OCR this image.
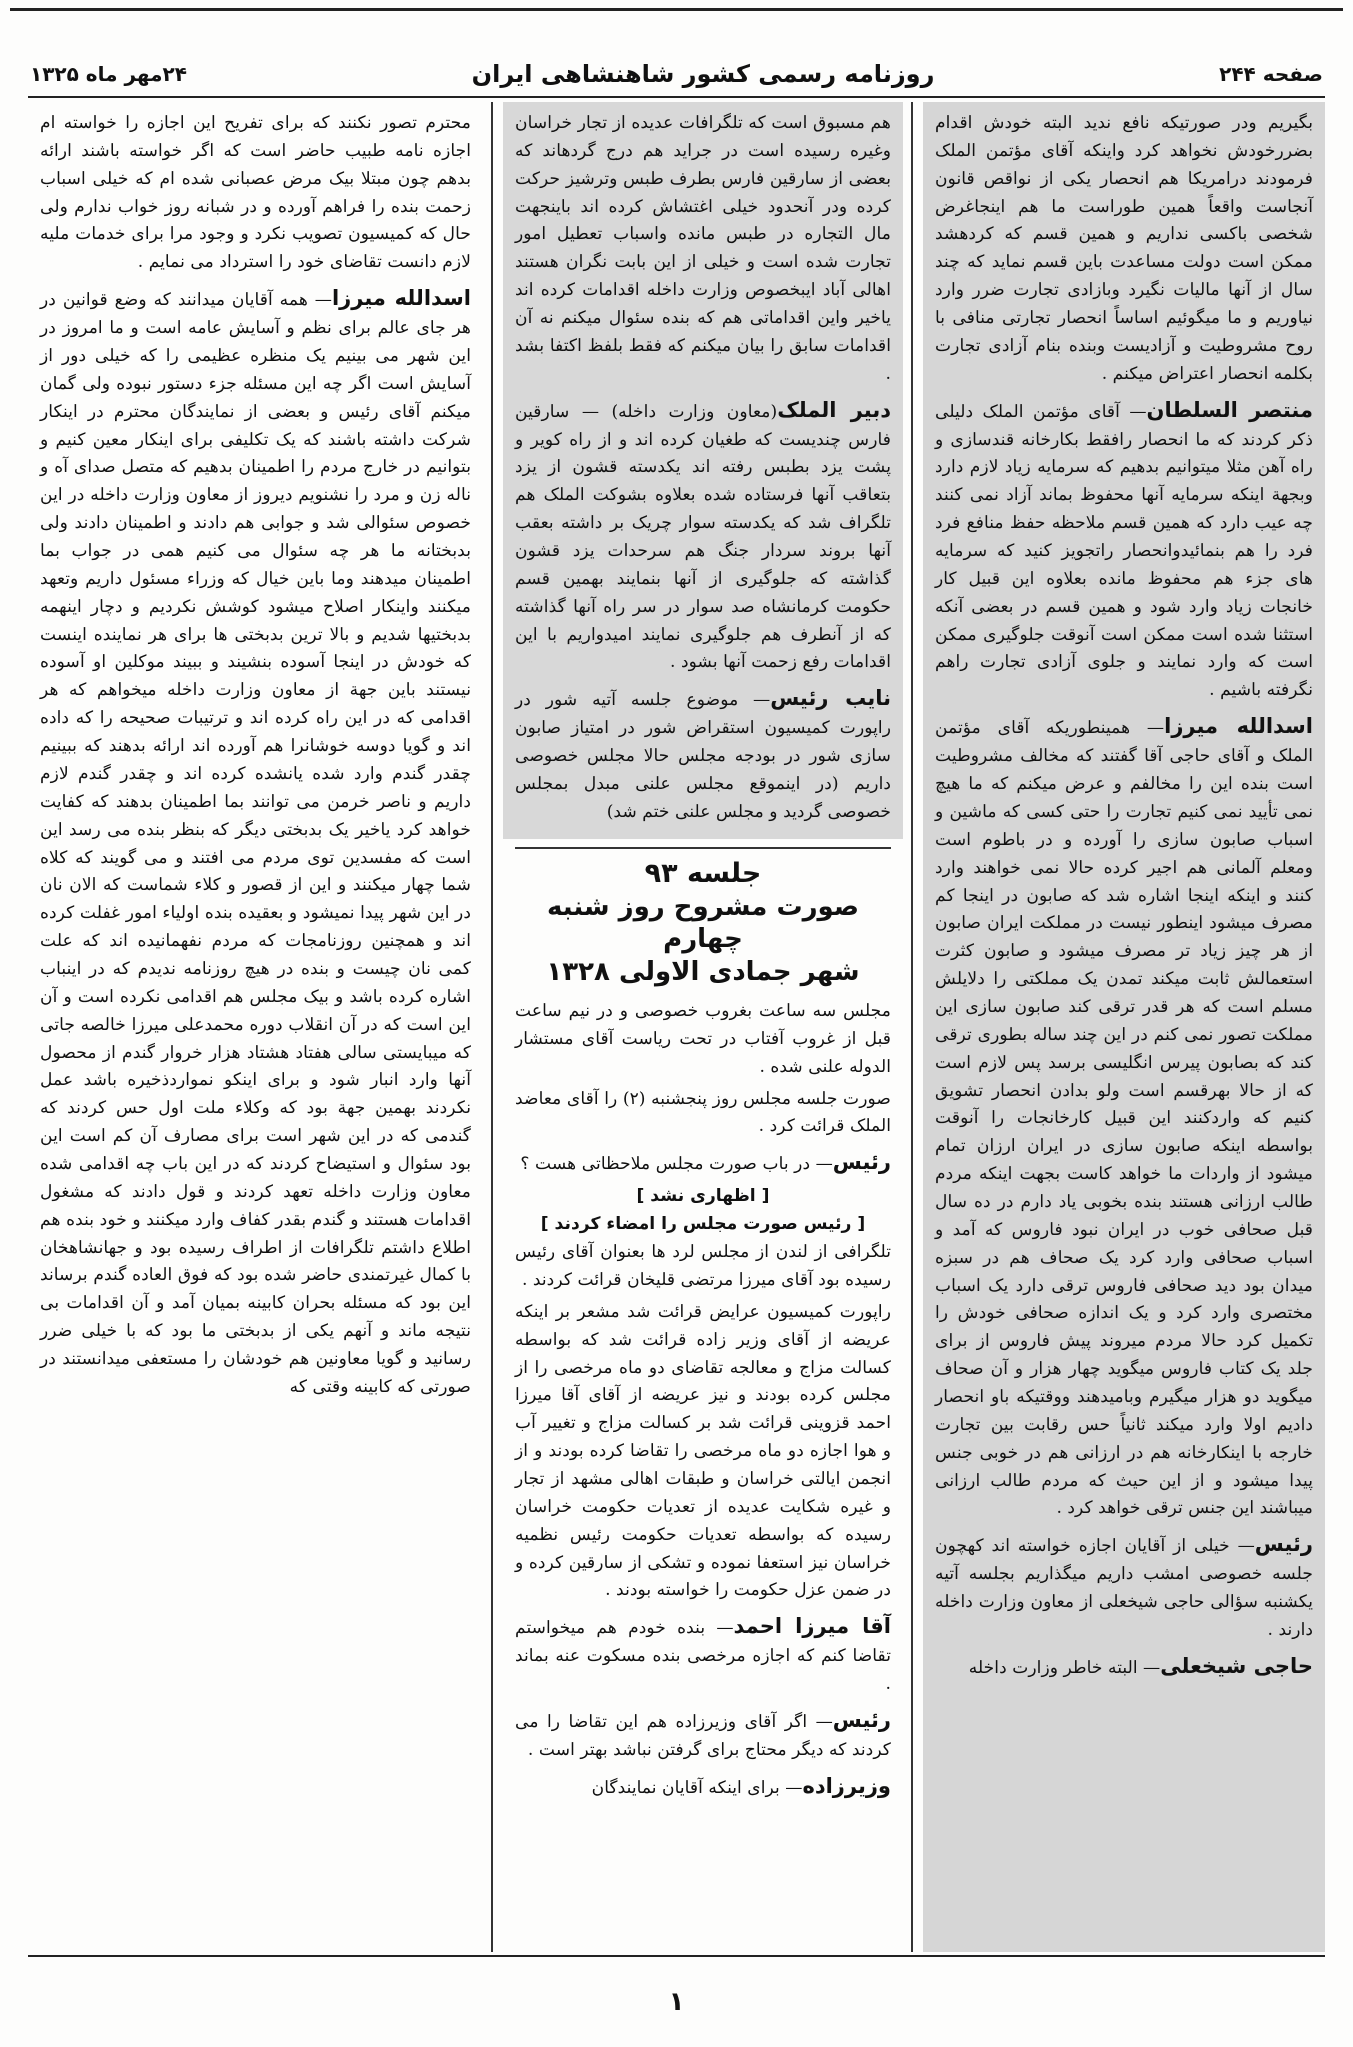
صفحه ۲۴۴
روزنامه رسمی کشور شاهنشاهی ایران
۲۴مهر ماه ۱۳۲۵

بگیریم ودر صورتیکه نافع ندید البته خودش اقدام بضررخودش نخواهد کرد واینکه آقای مؤتمن الملک فرمودند درامریکا هم انحصار یکی از نواقص قانون آنجاست واقعاً همین طوراست ما هم اینجاغرض شخصی باکسی نداریم و همین قسم که کردهشد ممکن است دولت مساعدت باین قسم نماید که چند سال از آنها مالیات نگیرد وبازادی تجارت ضرر وارد نیاوریم و ما میگوئیم اساساً انحصار تجارتی منافی با روح مشروطیت و آزادیست وبنده بنام آزادی تجارت بکلمه انحصار اعتراض میکنم .

منتصر السلطان— آقای مؤتمن الملک دلیلی ذکر کردند که ما انحصار رافقط بکارخانه قندسازی و راه آهن مثلا میتوانیم بدهیم که سرمایه زیاد لازم دارد وبجهة اینکه سرمایه آنها محفوظ بماند آزاد نمی کنند چه عیب دارد که همین قسم ملاحظه حفظ منافع فرد فرد را هم بنمائیدوانحصار راتجویز کنید که سرمایه های جزء هم محفوظ مانده بعلاوه این قبیل کار خانجات زیاد وارد شود و همین قسم در بعضی آنکه استثنا شده است ممکن است آنوقت جلوگیری ممکن است که وارد نمایند و جلوی آزادی تجارت راهم نگرفته باشیم .

اسدالله میرزا— همینطوریکه آقای مؤتمن الملک و آقای حاجی آقا گفتند که مخالف مشروطیت است بنده این را مخالفم و عرض میکنم که ما هیچ نمی تأیید نمی کنیم تجارت را حتی کسی که ماشین و اسباب صابون سازی را آورده و در باطوم است ومعلم آلمانی هم اجیر کرده حالا نمی خواهند وارد کنند و اینکه اینجا اشاره شد که صابون در اینجا کم مصرف میشود اینطور نیست در مملکت ایران صابون از هر چیز زیاد تر مصرف میشود و صابون کثرت استعمالش ثابت میکند تمدن یک مملکتی را دلایلش مسلم است که هر قدر ترقی کند صابون سازی این مملکت تصور نمی کنم در این چند ساله بطوری ترقی کند که بصابون پیرس انگلیسی برسد پس لازم است که از حالا بهرقسم است ولو بدادن انحصار تشویق کنیم که واردکنند این قبیل کارخانجات را آنوقت بواسطه اینکه صابون سازی در ایران ارزان تمام میشود از واردات ما خواهد کاست بجهت اینکه مردم طالب ارزانی هستند بنده بخوبی یاد دارم در ده سال قبل صحافی خوب در ایران نبود فاروس که آمد و اسباب صحافی وارد کرد یک صحاف هم در سبزه میدان بود دید صحافی فاروس ترقی دارد یک اسباب مختصری وارد کرد و یک اندازه صحافی خودش را تکمیل کرد حالا مردم میروند پیش فاروس از برای جلد یک کتاب فاروس میگوید چهار هزار و آن صحاف میگوید دو هزار میگیرم وبامیدهند ووقتیکه باو انحصار دادیم اولا وارد میکند ثانیاً حس رقابت بین تجارت خارجه با اینکارخانه هم در ارزانی هم در خوبی جنس پیدا میشود و از این حیث که مردم طالب ارزانی میباشند این جنس ترقی خواهد کرد .

رئیس— خیلی از آقایان اجازه خواسته اند کهچون جلسه خصوصی امشب داریم میگذاریم بجلسه آتیه یکشنبه سؤالی حاجی شیخعلی از معاون وزارت داخله دارند .

حاجی شیخعلی— البته خاطر وزارت داخله

هم مسبوق است که تلگرافات عدیده از تجار خراسان وغیره رسیده است در جراید هم درج گردهاند که بعضی از سارقین فارس بطرف طبس وترشیز حرکت کرده ودر آنحدود خیلی اغتشاش کرده اند باینجهت مال التجاره در طبس مانده واسباب تعطیل امور تجارت شده است و خیلی از این بابت نگران هستند اهالی آباد ایبخصوص وزارت داخله اقدامات کرده اند یاخیر واین اقداماتی هم که بنده سئوال میکنم نه آن اقدامات سابق را بیان میکنم که فقط بلفظ اکتفا بشد .

دبیر الملک(معاون وزارت داخله) — سارقین فارس چندیست که طغیان کرده اند و از راه کویر و پشت یزد بطبس رفته اند یکدسته قشون از یزد بتعاقب آنها فرستاده شده بعلاوه بشوکت الملک هم تلگراف شد که یکدسته سوار چریک بر داشته بعقب آنها بروند سردار جنگ هم سرحدات یزد قشون گذاشته که جلوگیری از آنها بنمایند بهمین قسم حکومت کرمانشاه صد سوار در سر راه آنها گذاشته که از آنطرف هم جلوگیری نمایند امیدواریم با این اقدامات رفع زحمت آنها بشود .

نایب رئیس— موضوع جلسه آتیه شور در راپورت کمیسیون استقراض شور در امتیاز صابون سازی شور در بودجه مجلس حالا مجلس خصوصی داریم (در اینموقع مجلس علنی مبدل بمجلس خصوصی گردید و مجلس علنی ختم شد)

جلسه ۹۳
صورت مشروح روز شنبه چهارم
شهر جمادی الاولی ۱۳۲۸

مجلس سه ساعت بغروب خصوصی و در نیم ساعت قبل از غروب آفتاب در تحت ریاست آقای مستشار الدوله علنی شده .

صورت جلسه مجلس روز پنجشنبه (۲) را آقای معاضد الملک قرائت کرد .

رئیس— در باب صورت مجلس ملاحظاتی هست ؟

[ اظهاری نشد ]
[ رئیس صورت مجلس را امضاء کردند ]

تلگرافی از لندن از مجلس لرد ها بعنوان آقای رئیس رسیده بود آقای میرزا مرتضی قلیخان قرائت کردند .

راپورت کمیسیون عرایض قرائت شد مشعر بر اینکه عریضه از آقای وزیر زاده قرائت شد که بواسطه کسالت مزاج و معالجه تقاضای دو ماه مرخصی را از مجلس کرده بودند و نیز عریضه از آقای آقا میرزا احمد قزوینی قرائت شد بر کسالت مزاج و تغییر آب و هوا اجازه دو ماه مرخصی را تقاضا کرده بودند و از انجمن ایالتی خراسان و طبقات اهالی مشهد از تجار و غیره شکایت عدیده از تعدیات حکومت خراسان رسیده که بواسطه تعدیات حکومت رئیس نظمیه خراسان نیز استعفا نموده و تشکی از سارقین کرده و در ضمن عزل حکومت را خواسته بودند .

آقا میرزا احمد— بنده خودم هم میخواستم تقاضا کنم که اجازه مرخصی بنده مسکوت عنه بماند .

رئیس— اگر آقای وزیرزاده هم این تقاضا را می کردند که دیگر محتاج برای گرفتن نباشد بهتر است .

وزیرزاده— برای اینکه آقایان نمایندگان

محترم تصور نکنند که برای تفریح این اجازه را خواسته ام اجازه نامه طبیب حاضر است که اگر خواسته باشند ارائه بدهم چون مبتلا بیک مرض عصبانی شده ام که خیلی اسباب زحمت بنده را فراهم آورده و در شبانه روز خواب ندارم ولی حال که کمیسیون تصویب نکرد و وجود مرا برای خدمات ملیه لازم دانست تقاضای خود را استرداد می نمایم .

اسدالله میرزا— همه آقایان میدانند که وضع قوانین در هر جای عالم برای نظم و آسایش عامه است و ما امروز در این شهر می بینیم یک منظره عظیمی را که خیلی دور از آسایش است اگر چه این مسئله جزء دستور نبوده ولی گمان میکنم آقای رئیس و بعضی از نمایندگان محترم در اینکار شرکت داشته باشند که یک تکلیفی برای اینکار معین کنیم و بتوانیم در خارج مردم را اطمینان بدهیم که متصل صدای آه و ناله زن و مرد را نشنویم دیروز از معاون وزارت داخله در این خصوص سئوالی شد و جوابی هم دادند و اطمینان دادند ولی بدبختانه ما هر چه سئوال می کنیم همی در جواب بما اطمینان میدهند وما باین خیال که وزراء مسئول داریم وتعهد میکنند واینکار اصلاح میشود کوشش نکردیم و دچار اینهمه بدبختیها شدیم و بالا ترین بدبختی ها برای هر نماینده اینست که خودش در اینجا آسوده بنشیند و ببیند موکلین او آسوده نیستند باین جهة از معاون وزارت داخله میخواهم که هر اقدامی که در این راه کرده اند و ترتیبات صحیحه را که داده اند و گویا دوسه خوشانرا هم آورده اند ارائه بدهند که ببینیم چقدر گندم وارد شده یانشده کرده اند و چقدر گندم لازم داریم و ناصر خرمن می توانند بما اطمینان بدهند که کفایت خواهد کرد یاخیر یک بدبختی دیگر که بنظر بنده می رسد این است که مفسدین توی مردم می افتند و می گویند که کلاه شما چهار میکنند و این از قصور و کلاء شماست که الان نان در این شهر پیدا نمیشود و بعقیده بنده اولیاء امور غفلت کرده اند و همچنین روزنامجات که مردم نفهمانیده اند که علت کمی نان چیست و بنده در هیچ روزنامه ندیدم که در اینباب اشاره کرده باشد و بیک مجلس هم اقدامی نکرده است و آن این است که در آن انقلاب دوره محمدعلی میرزا خالصه جاتی که میبایستی سالی هفتاد هشتاد هزار خروار گندم از محصول آنها وارد انبار شود و برای اینکو نمواردذخیره باشد عمل نکردند بهمین جهة بود که وکلاء ملت اول حس کردند که گندمی که در این شهر است برای مصارف آن کم است این بود سئوال و استیضاح کردند که در این باب چه اقدامی شده معاون وزارت داخله تعهد کردند و قول دادند که مشغول اقدامات هستند و گندم بقدر کفاف وارد میکنند و خود بنده هم اطلاع داشتم تلگرافات از اطراف رسیده بود و جهانشاهخان با کمال غیرتمندی حاضر شده بود که فوق العاده گندم برساند این بود که مسئله بحران کابینه بمیان آمد و آن اقدامات بی نتیجه ماند و آنهم یکی از بدبختی ما بود که با خیلی ضرر رسانید و گویا معاونین هم خودشان را مستعفی میدانستند در صورتی که کابینه وقتی که

۱
